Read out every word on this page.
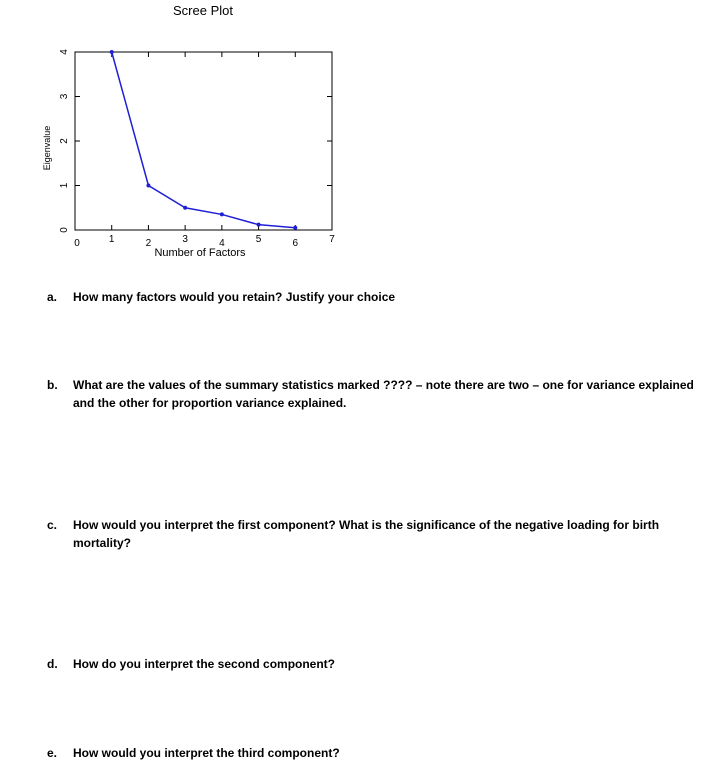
Scree Plot
0	1	2	3	4	5	6	7
0
1
2
3
4
Number of Factors
Eigenvalue
a. How many factors would you retain? Justify your choice
b. What are the values of the summary statistics marked ???? – note there are two – one for variance explained and the other for proportion variance explained.
c. How would you interpret the first component? What is the significance of the negative loading for birth mortality?
d. How do you interpret the second component?
e. How would you interpret the third component?
